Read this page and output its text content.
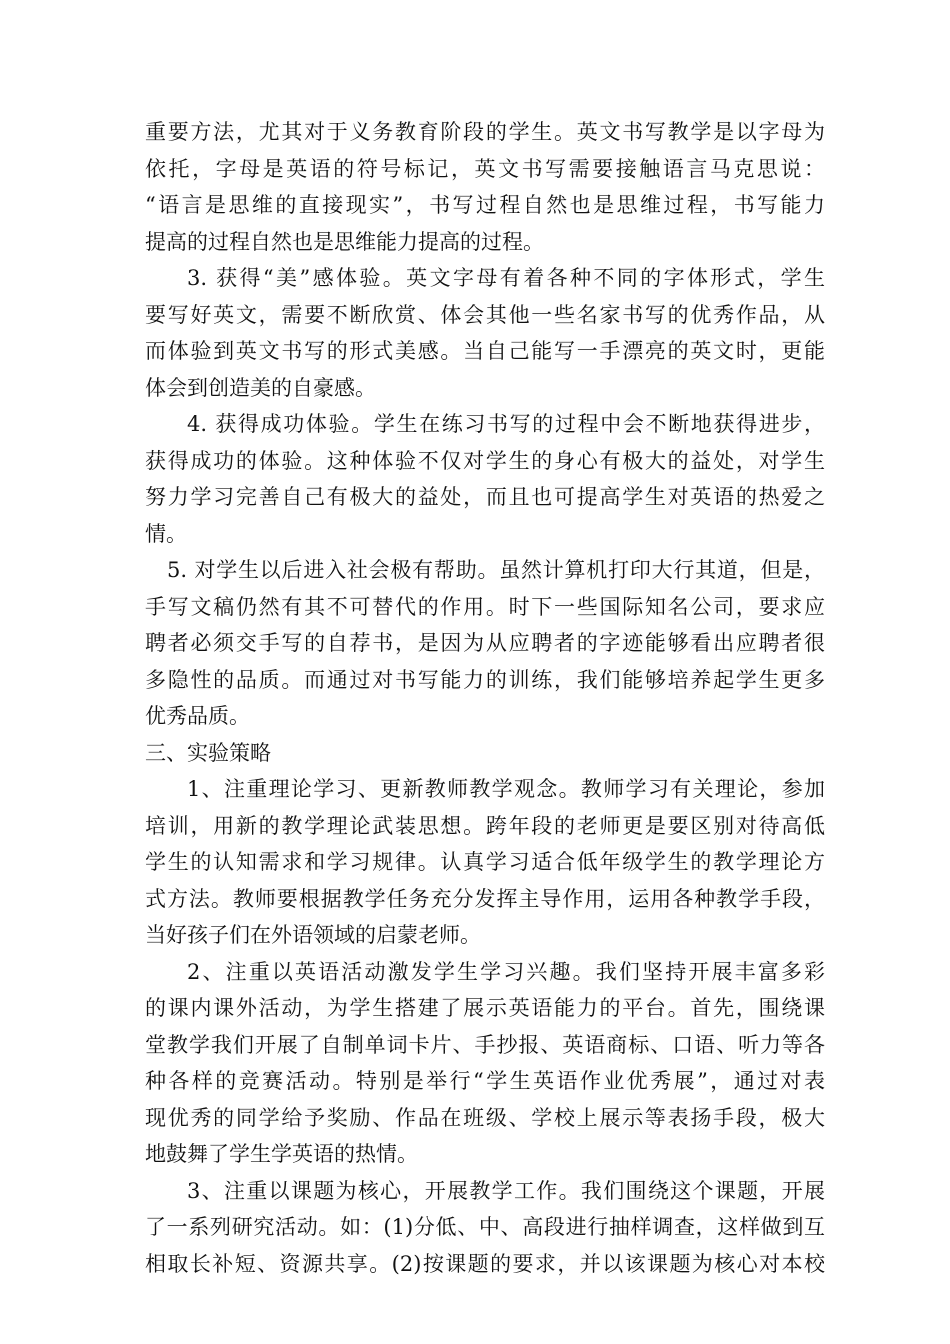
重要方法，尤其对于义务教育阶段的学生。英文书写教学是以字母为
依托，字母是英语的符号标记，英文书写需要接触语言马克思说：
“语言是思维的直接现实”，书写过程自然也是思维过程，书写能力
提高的过程自然也是思维能力提高的过程。
3. 获得“美”感体验。英文字母有着各种不同的字体形式，学生
要写好英文，需要不断欣赏、体会其他一些名家书写的优秀作品，从
而体验到英文书写的形式美感。当自己能写一手漂亮的英文时，更能
体会到创造美的自豪感。
4. 获得成功体验。学生在练习书写的过程中会不断地获得进步，
获得成功的体验。这种体验不仅对学生的身心有极大的益处，对学生
努力学习完善自己有极大的益处，而且也可提高学生对英语的热爱之
情。
5. 对学生以后进入社会极有帮助。虽然计算机打印大行其道，但是，
手写文稿仍然有其不可替代的作用。时下一些国际知名公司，要求应
聘者必须交手写的自荐书，是因为从应聘者的字迹能够看出应聘者很
多隐性的品质。而通过对书写能力的训练，我们能够培养起学生更多
优秀品质。
三、实验策略
1、注重理论学习、更新教师教学观念。教师学习有关理论，参加
培训，用新的教学理论武装思想。跨年段的老师更是要区别对待高低
学生的认知需求和学习规律。认真学习适合低年级学生的教学理论方
式方法。教师要根据教学任务充分发挥主导作用，运用各种教学手段，
当好孩子们在外语领域的启蒙老师。
2、注重以英语活动激发学生学习兴趣。我们坚持开展丰富多彩
的课内课外活动，为学生搭建了展示英语能力的平台。首先，围绕课
堂教学我们开展了自制单词卡片、手抄报、英语商标、口语、听力等各
种各样的竞赛活动。特别是举行“学生英语作业优秀展”，通过对表
现优秀的同学给予奖励、作品在班级、学校上展示等表扬手段，极大
地鼓舞了学生学英语的热情。
3、注重以课题为核心，开展教学工作。我们围绕这个课题，开展
了一系列研究活动。如：(1)分低、中、高段进行抽样调查，这样做到互
相取长补短、资源共享。(2)按课题的要求，并以该课题为核心对本校
